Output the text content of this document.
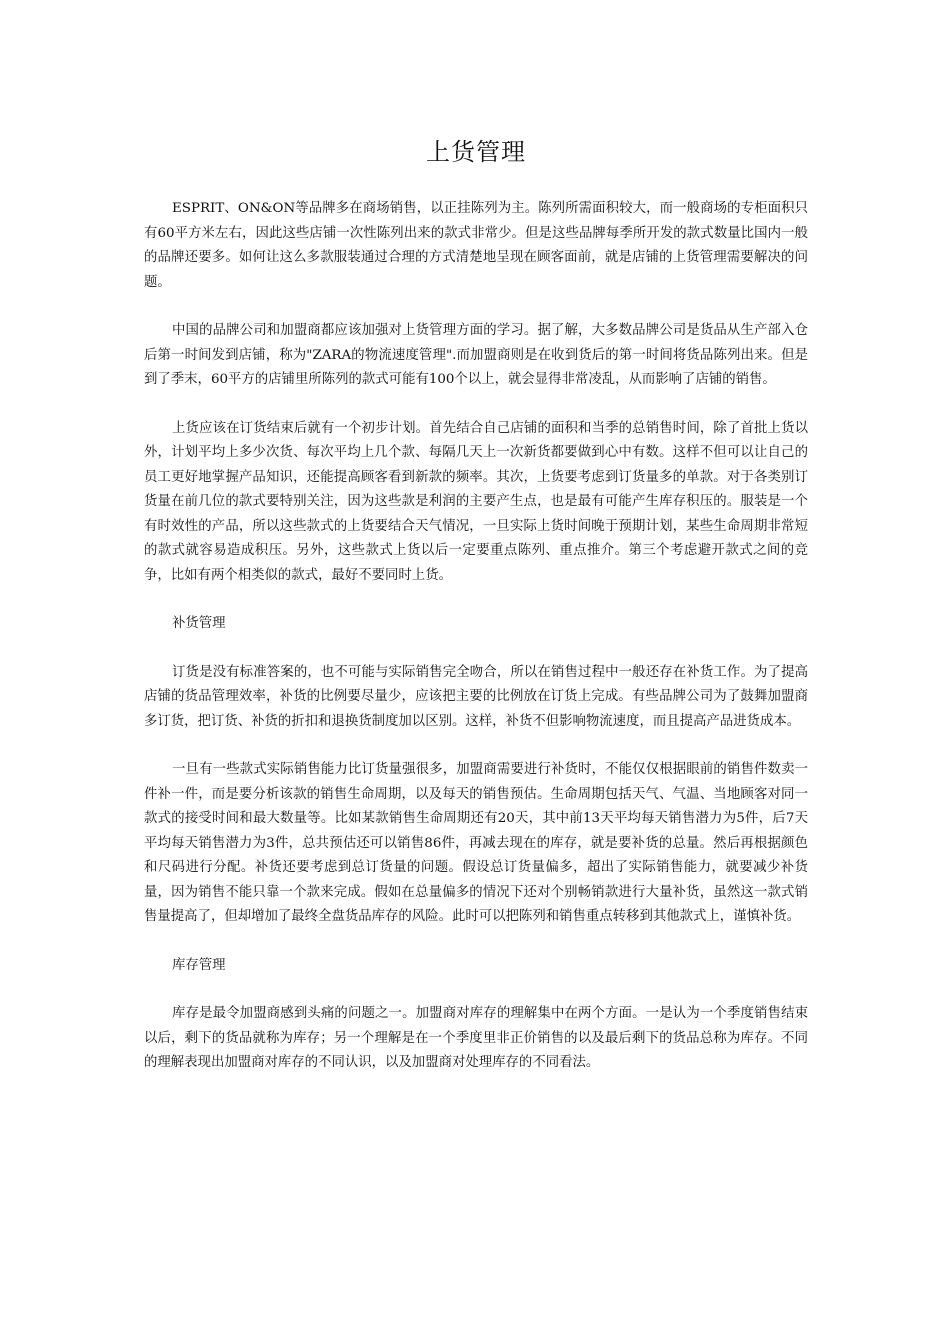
上货管理

ESPRIT、ON&ON等品牌多在商场销售，以正挂陈列为主。陈列所需面积较大，而一般商场的专柜面积只有60平方米左右，因此这些店铺一次性陈列出来的款式非常少。但是这些品牌每季所开发的款式数量比国内一般的品牌还要多。如何让这么多款服装通过合理的方式清楚地呈现在顾客面前，就是店铺的上货管理需要解决的问题。

中国的品牌公司和加盟商都应该加强对上货管理方面的学习。据了解，大多数品牌公司是货品从生产部入仓后第一时间发到店铺，称为"ZARA的物流速度管理".而加盟商则是在收到货后的第一时间将货品陈列出来。但是到了季末，60平方的店铺里所陈列的款式可能有100个以上，就会显得非常凌乱，从而影响了店铺的销售。

上货应该在订货结束后就有一个初步计划。首先结合自己店铺的面积和当季的总销售时间，除了首批上货以外，计划平均上多少次货、每次平均上几个款、每隔几天上一次新货都要做到心中有数。这样不但可以让自己的员工更好地掌握产品知识，还能提高顾客看到新款的频率。其次，上货要考虑到订货量多的单款。对于各类别订货量在前几位的款式要特别关注，因为这些款是利润的主要产生点，也是最有可能产生库存积压的。服装是一个有时效性的产品，所以这些款式的上货要结合天气情况，一旦实际上货时间晚于预期计划，某些生命周期非常短的款式就容易造成积压。另外，这些款式上货以后一定要重点陈列、重点推介。第三个考虑避开款式之间的竞争，比如有两个相类似的款式，最好不要同时上货。

补货管理

订货是没有标准答案的，也不可能与实际销售完全吻合，所以在销售过程中一般还存在补货工作。为了提高店铺的货品管理效率，补货的比例要尽量少，应该把主要的比例放在订货上完成。有些品牌公司为了鼓舞加盟商多订货，把订货、补货的折扣和退换货制度加以区别。这样，补货不但影响物流速度，而且提高产品进货成本。

一旦有一些款式实际销售能力比订货量强很多，加盟商需要进行补货时，不能仅仅根据眼前的销售件数卖一件补一件，而是要分析该款的销售生命周期，以及每天的销售预估。生命周期包括天气、气温、当地顾客对同一款式的接受时间和最大数量等。比如某款销售生命周期还有20天，其中前13天平均每天销售潜力为5件，后7天平均每天销售潜力为3件，总共预估还可以销售86件，再减去现在的库存，就是要补货的总量。然后再根据颜色和尺码进行分配。补货还要考虑到总订货量的问题。假设总订货量偏多，超出了实际销售能力，就要减少补货量，因为销售不能只靠一个款来完成。假如在总量偏多的情况下还对个别畅销款进行大量补货，虽然这一款式销售量提高了，但却增加了最终全盘货品库存的风险。此时可以把陈列和销售重点转移到其他款式上，谨慎补货。

库存管理

库存是最令加盟商感到头痛的问题之一。加盟商对库存的理解集中在两个方面。一是认为一个季度销售结束以后，剩下的货品就称为库存；另一个理解是在一个季度里非正价销售的以及最后剩下的货品总称为库存。不同的理解表现出加盟商对库存的不同认识，以及加盟商对处理库存的不同看法。
